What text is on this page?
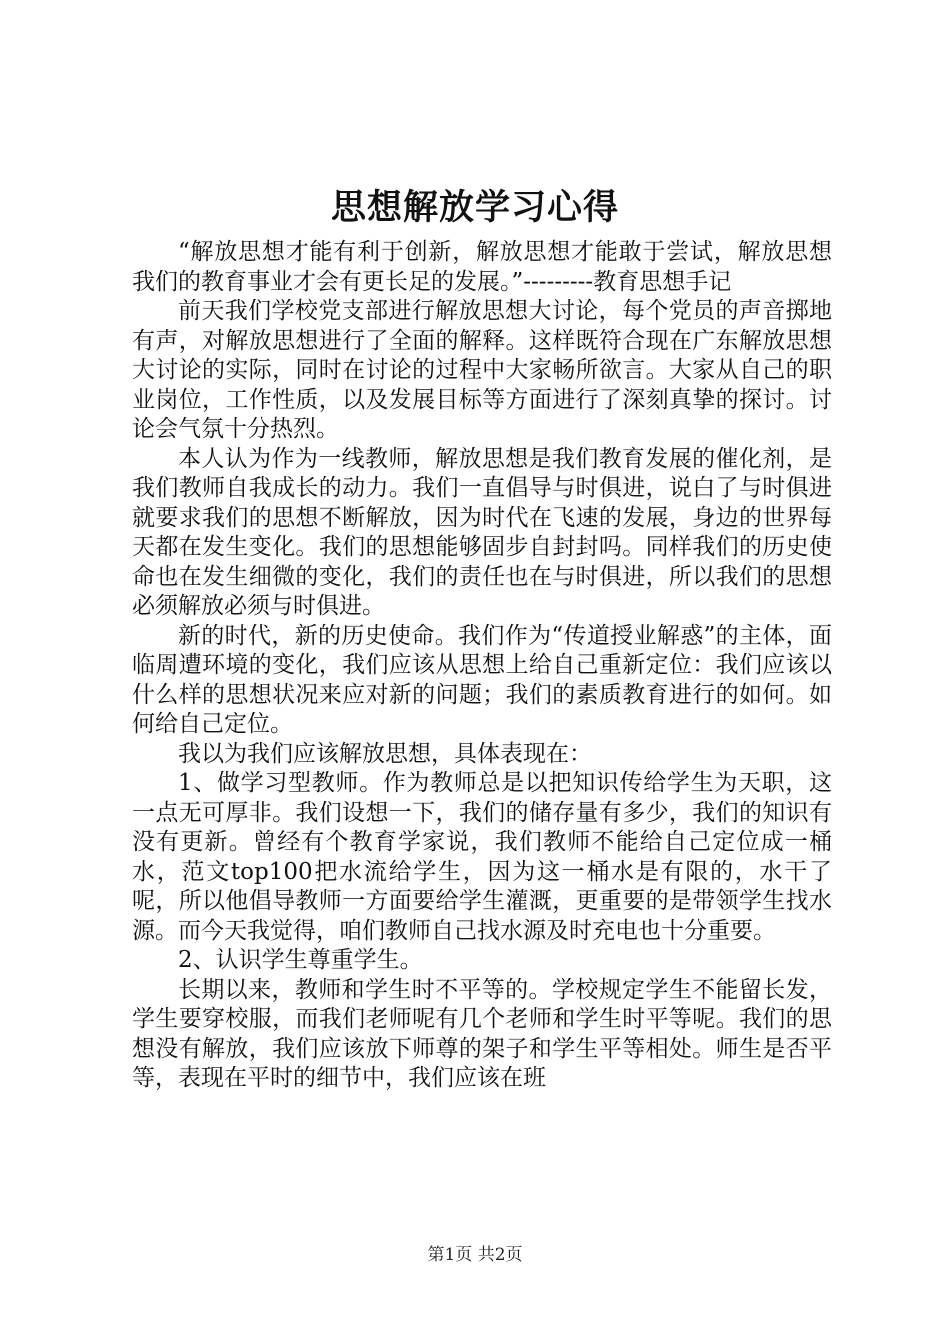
思想解放学习心得

“解放思想才能有利于创新，解放思想才能敢于尝试，解放思想我们的教育事业才会有更长足的发展。”---------教育思想手记

前天我们学校党支部进行解放思想大讨论，每个党员的声音掷地有声，对解放思想进行了全面的解释。这样既符合现在广东解放思想大讨论的实际，同时在讨论的过程中大家畅所欲言。大家从自己的职业岗位，工作性质，以及发展目标等方面进行了深刻真挚的探讨。讨论会气氛十分热烈。

本人认为作为一线教师，解放思想是我们教育发展的催化剂，是我们教师自我成长的动力。我们一直倡导与时俱进，说白了与时俱进就要求我们的思想不断解放，因为时代在飞速的发展，身边的世界每天都在发生变化。我们的思想能够固步自封封吗。同样我们的历史使命也在发生细微的变化，我们的责任也在与时俱进，所以我们的思想必须解放必须与时俱进。

新的时代，新的历史使命。我们作为“传道授业解惑”的主体，面临周遭环境的变化，我们应该从思想上给自己重新定位：我们应该以什么样的思想状况来应对新的问题；我们的素质教育进行的如何。如何给自己定位。

我以为我们应该解放思想，具体表现在：

1、做学习型教师。作为教师总是以把知识传给学生为天职，这一点无可厚非。我们设想一下，我们的储存量有多少，我们的知识有没有更新。曾经有个教育学家说，我们教师不能给自己定位成一桶水，范文top100把水流给学生，因为这一桶水是有限的，水干了呢，所以他倡导教师一方面要给学生灌溉，更重要的是带领学生找水源。而今天我觉得，咱们教师自己找水源及时充电也十分重要。

2、认识学生尊重学生。

长期以来，教师和学生时不平等的。学校规定学生不能留长发，学生要穿校服，而我们老师呢有几个老师和学生时平等呢。我们的思想没有解放，我们应该放下师尊的架子和学生平等相处。师生是否平等，表现在平时的细节中，我们应该在班

第1页 共2页
